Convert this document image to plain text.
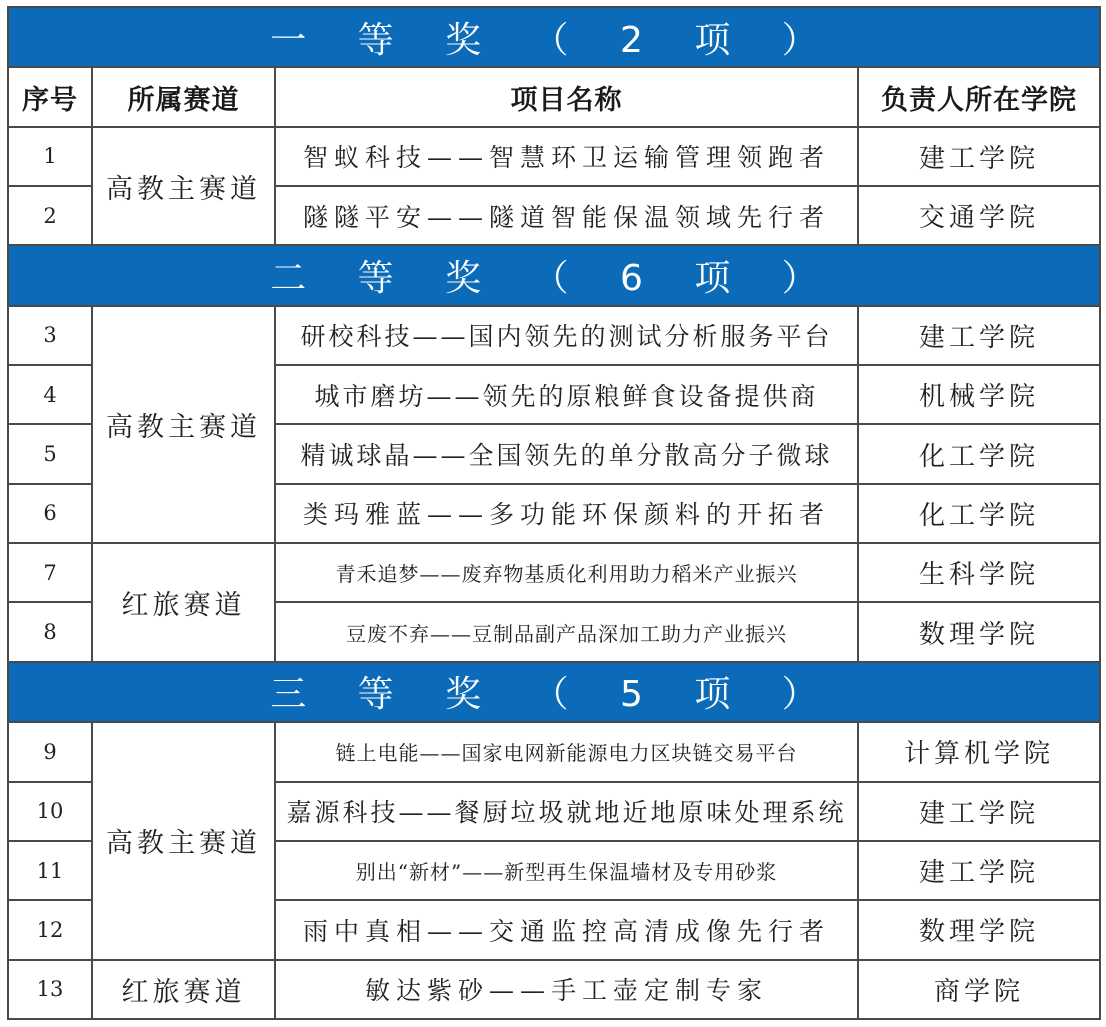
一 等 奖 （ 2 项 ）			
序号	所属赛道	项目名称	负责人所在学院
1	高教主赛道	智蚁科技——智慧环卫运输管理领跑者	建工学院
2		隧隧平安——隧道智能保温领域先行者	交通学院
二 等 奖 （ 6 项 ）			
3	高教主赛道	研校科技——国内领先的测试分析服务平台	建工学院
4		城市磨坊——领先的原粮鲜食设备提供商	机械学院
5		精诚球晶——全国领先的单分散高分子微球	化工学院
6		类玛雅蓝——多功能环保颜料的开拓者	化工学院
7	红旅赛道	青禾追梦——废弃物基质化利用助力稻米产业振兴	生科学院
8		豆废不弃——豆制品副产品深加工助力产业振兴	数理学院
三 等 奖 （ 5 项 ）			
9	高教主赛道	链上电能——国家电网新能源电力区块链交易平台	计算机学院
10		嘉源科技——餐厨垃圾就地近地原味处理系统	建工学院
11		别出“新材”——新型再生保温墙材及专用砂浆	建工学院
12		雨中真相——交通监控高清成像先行者	数理学院
13	红旅赛道	敏达紫砂——手工壶定制专家	商学院
